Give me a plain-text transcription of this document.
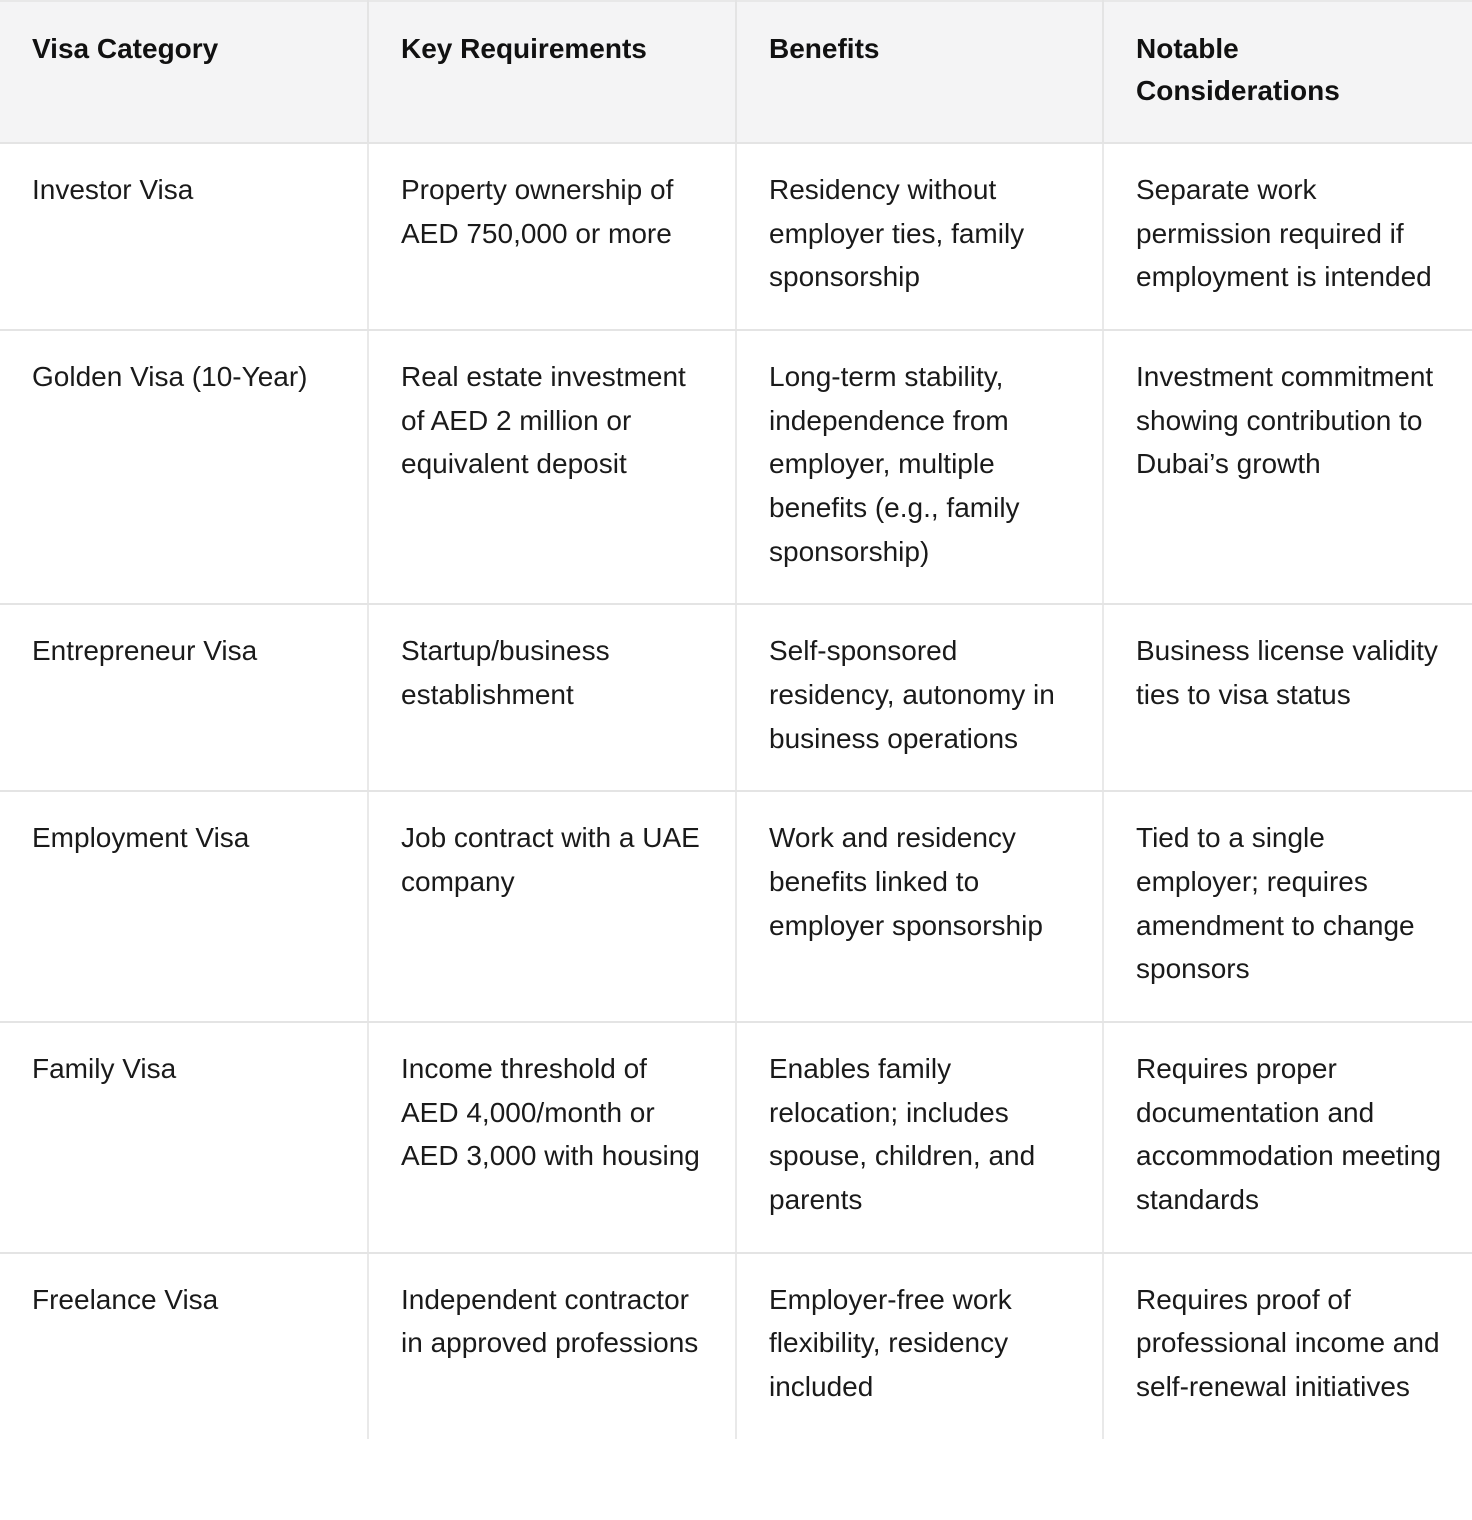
Visa Category	Key Requirements	Benefits	Notable Considerations

Investor Visa	Property ownership of AED 750,000 or more	Residency without employer ties, family sponsorship	Separate work permission required if employment is intended

Golden Visa (10-Year)	Real estate investment of AED 2 million or equivalent deposit	Long-term stability, independence from employer, multiple benefits (e.g., family sponsorship)	Investment commitment showing contribution to Dubai’s growth

Entrepreneur Visa	Startup/business establishment	Self-sponsored residency, autonomy in business operations	Business license validity ties to visa status

Employment Visa	Job contract with a UAE company	Work and residency benefits linked to employer sponsorship	Tied to a single employer; requires amendment to change sponsors

Family Visa	Income threshold of AED 4,000/month or AED 3,000 with housing	Enables family relocation; includes spouse, children, and parents	Requires proper documentation and accommodation meeting standards

Freelance Visa	Independent contractor in approved professions	Employer-free work flexibility, residency included	Requires proof of professional income and self-renewal initiatives
